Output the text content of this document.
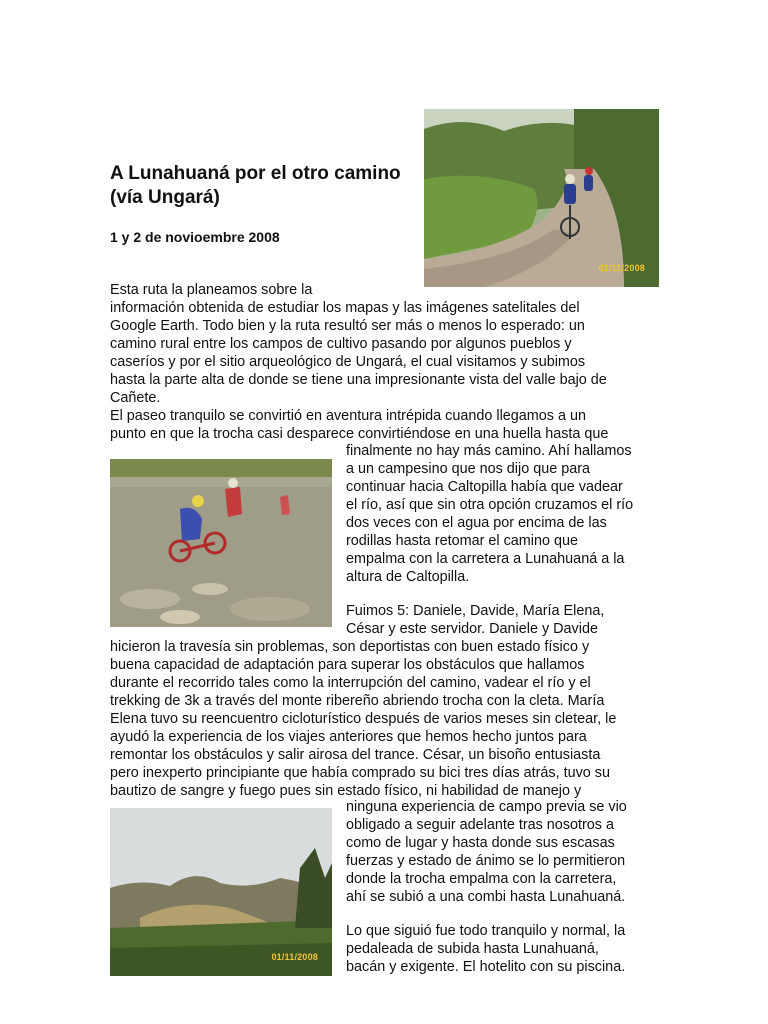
A Lunahuaná por el otro camino (vía Ungará)

1 y 2 de novioembre 2008

01/11/2008
01/11/2008

Esta ruta la planeamos sobre la

información obtenida de estudiar los mapas y las imágenes satelitales del

Google Earth. Todo bien y la ruta resultó ser más o menos lo esperado: un

camino rural entre los campos de cultivo pasando por algunos pueblos y

caseríos y por el sitio arqueológico de Ungará, el cual visitamos y subimos

hasta la parte alta de donde se tiene una impresionante vista del valle bajo de

Cañete.

El paseo tranquilo se convirtió en aventura intrépida cuando llegamos a un

punto en que la trocha casi desparece convirtiéndose en una huella hasta que

finalmente no hay más camino. Ahí hallamos

a un campesino que nos dijo que para

continuar hacia Caltopilla había que vadear

el río, así que sin otra opción cruzamos el río

dos veces con el agua por encima de las

rodillas hasta retomar el camino que

empalma con la carretera a Lunahuaná a la

altura de Caltopilla.

Fuimos 5: Daniele, Davide, María Elena,

César y este servidor. Daniele y Davide

hicieron la travesía sin problemas, son deportistas con buen estado físico y

buena capacidad de adaptación para superar los obstáculos que hallamos

durante el recorrido tales como la interrupción del camino, vadear el río y el

trekking de 3k a través del monte ribereño abriendo trocha con la cleta. María

Elena tuvo su reencuentro cicloturístico después de varios meses sin cletear, le

ayudó la experiencia de los viajes anteriores que hemos hecho juntos para

remontar los obstáculos y salir airosa del trance. César, un bisoño entusiasta

pero inexperto principiante que había comprado su bici tres días atrás, tuvo su

bautizo de sangre y fuego pues sin estado físico, ni habilidad de manejo y

ninguna experiencia de campo previa se vio

obligado a seguir adelante tras nosotros a

como de lugar y hasta donde sus escasas

fuerzas y estado de ánimo se lo permitieron

donde la trocha empalma con la carretera,

ahí se subió a una combi hasta Lunahuaná.

Lo que siguió fue todo tranquilo y normal, la

pedaleada de subida hasta Lunahuaná,

bacán y exigente. El hotelito con su piscina.
